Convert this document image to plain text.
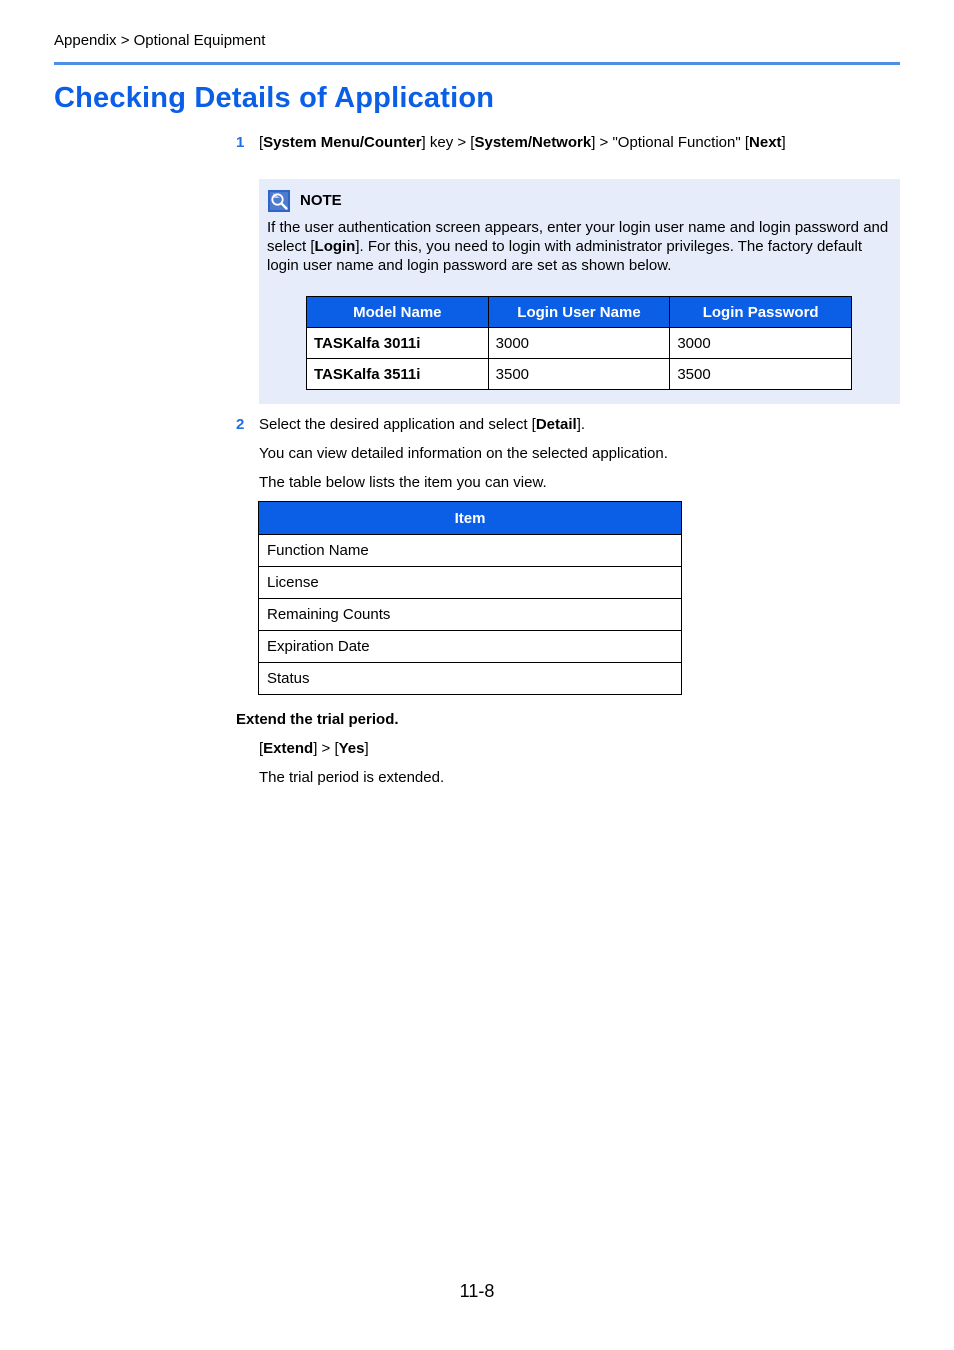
Appendix > Optional Equipment
Checking Details of Application
1 [System Menu/Counter] key > [System/Network] > "Optional Function" [Next]
NOTE
If the user authentication screen appears, enter your login user name and login password and select [Login]. For this, you need to login with administrator privileges. The factory default login user name and login password are set as shown below.
Model Name	Login User Name	Login Password
TASKalfa 3011i	3000	3000
TASKalfa 3511i	3500	3500
2 Select the desired application and select [Detail].
You can view detailed information on the selected application.
The table below lists the item you can view.
Item
Function Name
License
Remaining Counts
Expiration Date
Status
Extend the trial period.
[Extend] > [Yes]
The trial period is extended.
11-8
